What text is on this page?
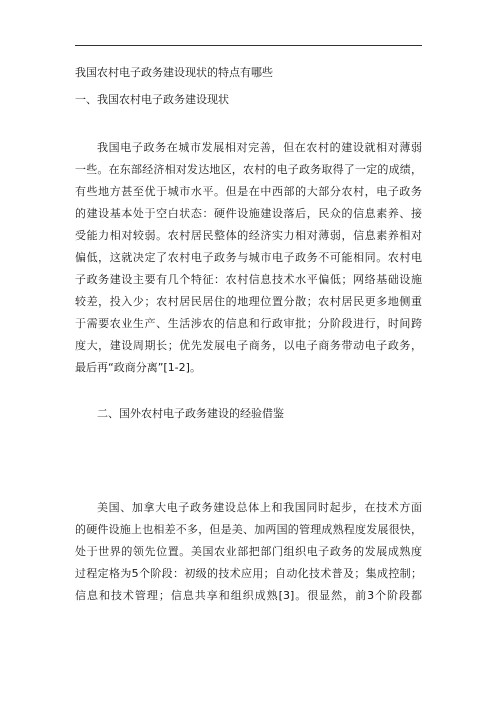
我国农村电子政务建设现状的特点有哪些
一、我国农村电子政务建设现状
我国电子政务在城市发展相对完善，但在农村的建设就相对薄弱
一些。在东部经济相对发达地区，农村的电子政务取得了一定的成绩，
有些地方甚至优于城市水平。但是在中西部的大部分农村，电子政务
的建设基本处于空白状态：硬件设施建设落后，民众的信息素养、接
受能力相对较弱。农村居民整体的经济实力相对薄弱，信息素养相对
偏低，这就决定了农村电子政务与城市电子政务不可能相同。农村电
子政务建设主要有几个特征：农村信息技术水平偏低；网络基础设施
较差，投入少；农村居民居住的地理位置分散；农村居民更多地侧重
于需要农业生产、生活涉农的信息和行政审批；分阶段进行，时间跨
度大，建设周期长；优先发展电子商务，以电子商务带动电子政务，
最后再“政商分离”[1-2]。
二、国外农村电子政务建设的经验借鉴
美国、加拿大电子政务建设总体上和我国同时起步，在技术方面
的硬件设施上也相差不多，但是美、加两国的管理成熟程度发展很快，
处于世界的领先位置。美国农业部把部门组织电子政务的发展成熟度
过程定格为5个阶段：初级的技术应用；自动化技术普及；集成控制；
信息和技术管理；信息共享和组织成熟[3]。很显然，前3个阶段都
